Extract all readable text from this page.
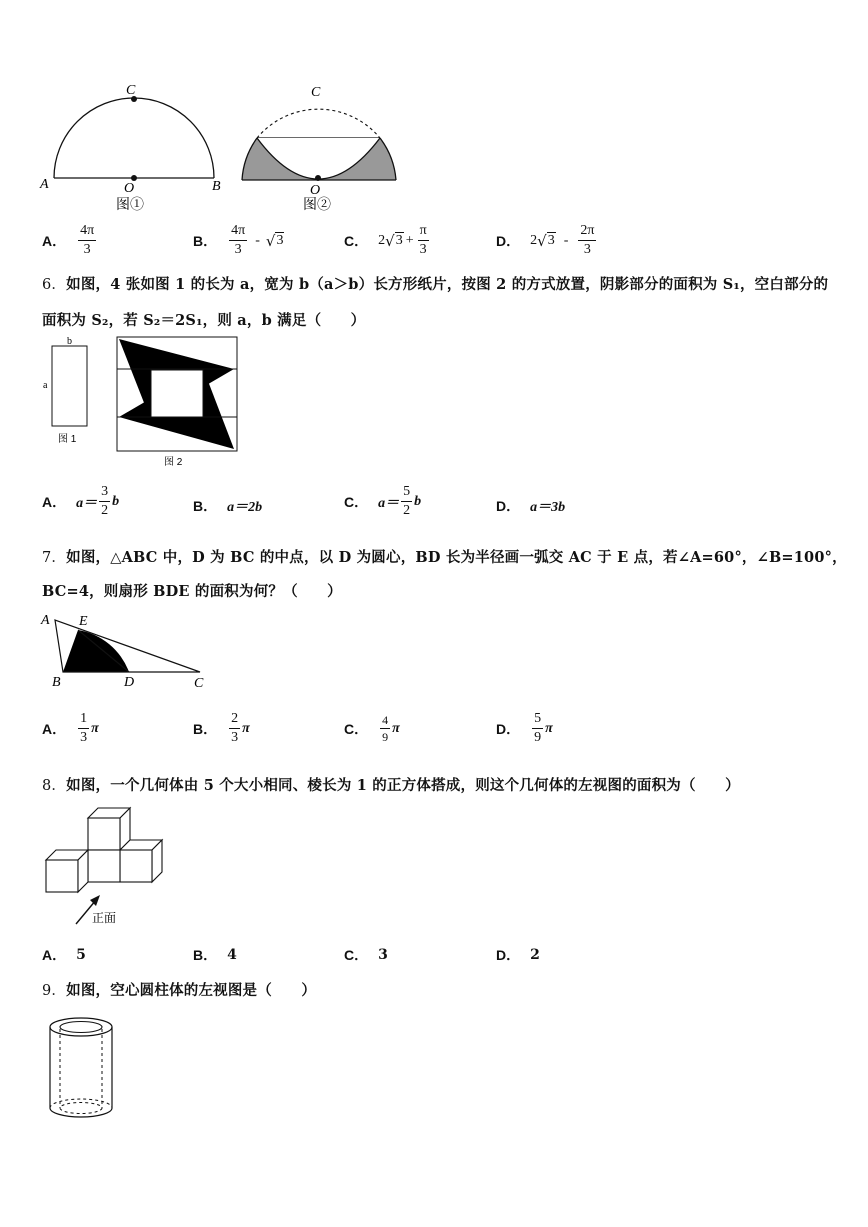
C
A	O	B
图①
C
O
图②
A． $\frac{4\pi}{3}$	B． $\frac{4\pi}{3}$ - √ 3	C． 2 √ $3 + \frac{\pi}{3}$	D． 2 √ $3 - \frac{2\pi}{3}$
6．如图，4 张如图 1 的长为 a，宽为 b（a＞b）长方形纸片，按图 2 的方式放置，阴影部分的面积为 S₁，空白部分的
面积为 S₂，若 S₂＝2S₁，则 a，b 满足（　　）
b
a
图 1
图 2
A． $a= \frac{3}{2}$ b	B． a＝2b	C． $a= \frac{5}{2}$ b	D． a＝3b
7．如图，△ABC 中，D 为 BC 的中点，以 D 为圆心，BD 长为半径画一弧交 AC 于 E 点，若∠A=60°，∠B=100°，
BC=4，则扇形 BDE 的面积为何？（　　）
A E
B	D	C
A． $\frac{1}{3}$ π	B． $\frac{2}{3}$ π	C． $\frac{4}{9}$ π	D． $\frac{5}{9}$ π
8．如图，一个几何体由 5 个大小相同、棱长为 1 的正方体搭成，则这个几何体的左视图的面积为（　　）
正面
A． 5	B． 4	C． 3	D． 2
9．如图，空心圆柱体的左视图是（　　）
